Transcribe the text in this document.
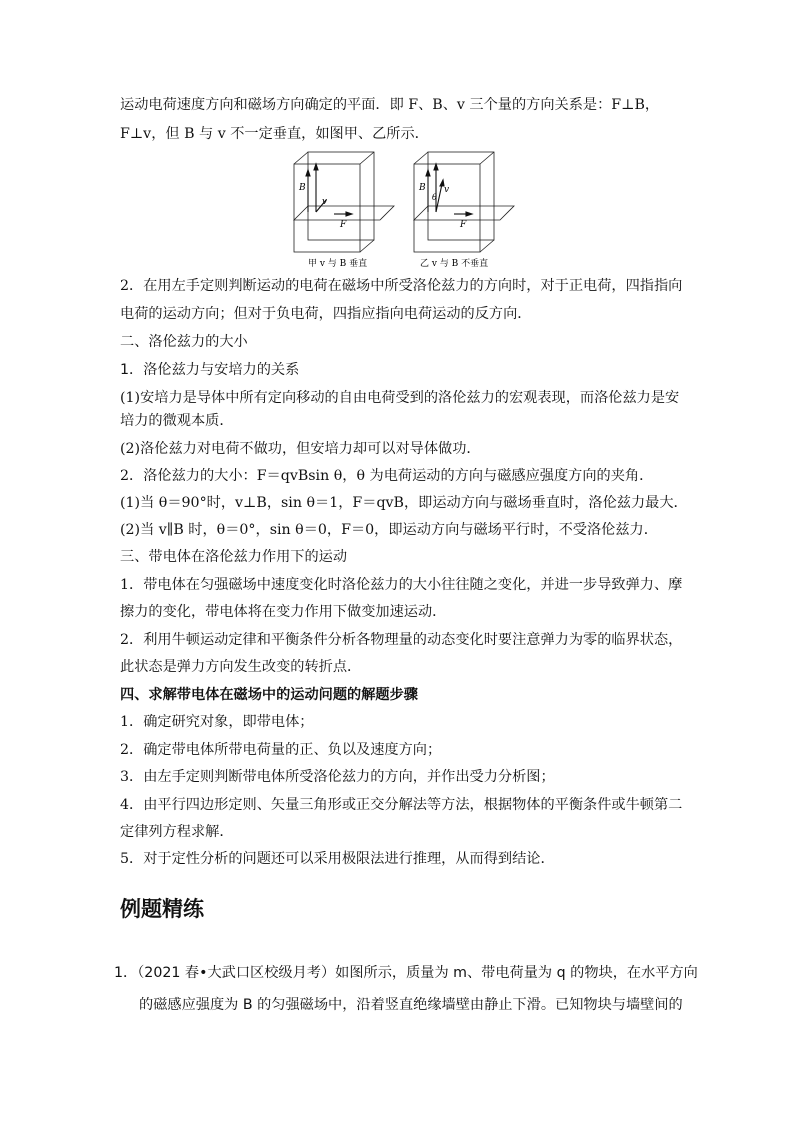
运动电荷速度方向和磁场方向确定的平面．即 F、B、v 三个量的方向关系是：F⊥B，
F⊥v，但 B 与 v 不一定垂直，如图甲、乙所示．
B
v
F
甲 v 与 B 垂直
B v
θ
F
乙 v 与 B 不垂直
2．在用左手定则判断运动的电荷在磁场中所受洛伦兹力的方向时，对于正电荷，四指指向
电荷的运动方向；但对于负电荷，四指应指向电荷运动的反方向．
二、洛伦兹力的大小
1．洛伦兹力与安培力的关系
(1)安培力是导体中所有定向移动的自由电荷受到的洛伦兹力的宏观表现，而洛伦兹力是安
培力的微观本质．
(2)洛伦兹力对电荷不做功，但安培力却可以对导体做功．
2．洛伦兹力的大小：F＝qvBsin θ，θ 为电荷运动的方向与磁感应强度方向的夹角．
(1)当 θ＝90°时，v⊥B，sin θ＝1，F＝qvB，即运动方向与磁场垂直时，洛伦兹力最大．
(2)当 v∥B 时，θ＝0°，sin θ＝0，F＝0，即运动方向与磁场平行时，不受洛伦兹力．
三、带电体在洛伦兹力作用下的运动
1．带电体在匀强磁场中速度变化时洛伦兹力的大小往往随之变化，并进一步导致弹力、摩
擦力的变化，带电体将在变力作用下做变加速运动．
2．利用牛顿运动定律和平衡条件分析各物理量的动态变化时要注意弹力为零的临界状态，
此状态是弹力方向发生改变的转折点．
四、求解带电体在磁场中的运动问题的解题步骤
1．确定研究对象，即带电体；
2．确定带电体所带电荷量的正、负以及速度方向；
3．由左手定则判断带电体所受洛伦兹力的方向，并作出受力分析图；
4．由平行四边形定则、矢量三角形或正交分解法等方法，根据物体的平衡条件或牛顿第二
定律列方程求解．
5．对于定性分析的问题还可以采用极限法进行推理，从而得到结论．
例题精练
1．（2021 春•大武口区校级月考）如图所示，质量为 m、带电荷量为 q 的物块，在水平方向
的磁感应强度为 B 的匀强磁场中，沿着竖直绝缘墙壁由静止下滑。已知物块与墙壁间的
